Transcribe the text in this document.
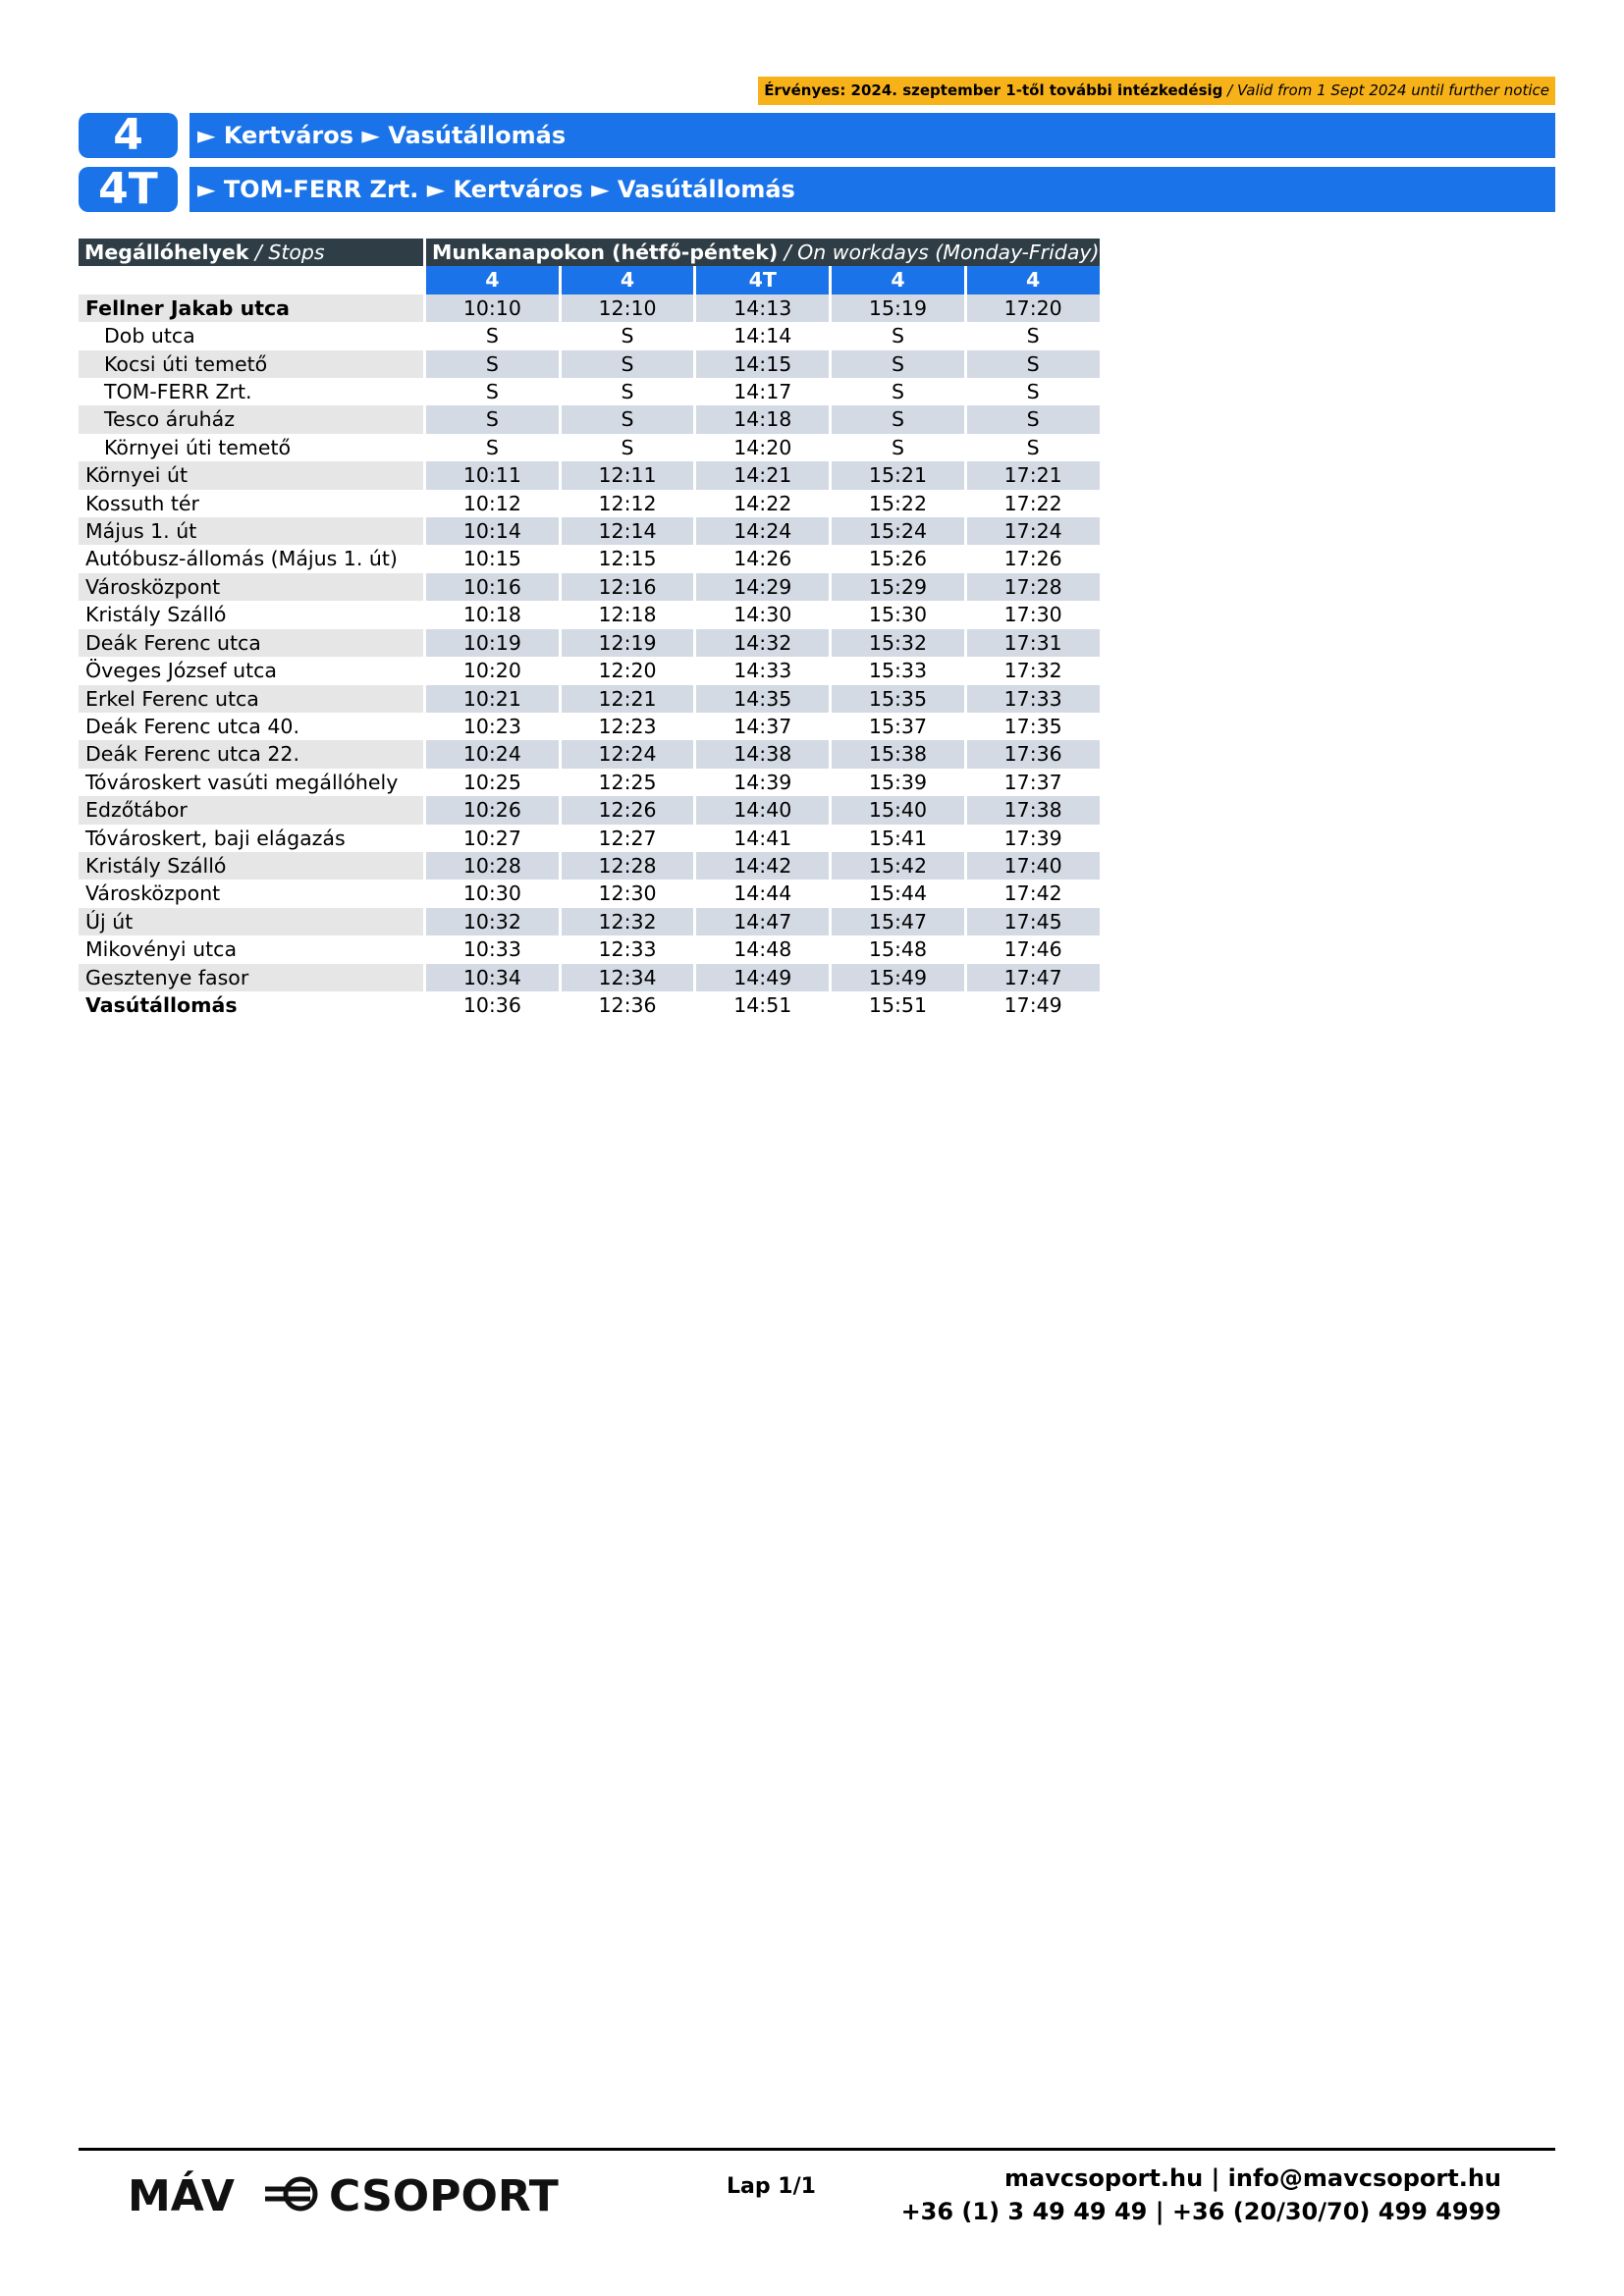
Érvényes: 2024. szeptember 1-től további intézkedésig / Valid from 1 Sept 2024 until further notice
4	► Kertváros ► Vasútállomás
4T	► TOM-FERR Zrt. ► Kertváros ► Vasútállomás
Megállóhelyek / Stops	Munkanapokon (hétfő-péntek) / On workdays (Monday-Friday)				
	4	4	4T	4	4
Fellner Jakab utca	10:10	12:10	14:13	15:19	17:20
Dob utca	S	S	14:14	S	S
Kocsi úti temető	S	S	14:15	S	S
TOM-FERR Zrt.	S	S	14:17	S	S
Tesco áruház	S	S	14:18	S	S
Környei úti temető	S	S	14:20	S	S
Környei út	10:11	12:11	14:21	15:21	17:21
Kossuth tér	10:12	12:12	14:22	15:22	17:22
Május 1. út	10:14	12:14	14:24	15:24	17:24
Autóbusz-állomás (Május 1. út)	10:15	12:15	14:26	15:26	17:26
Városközpont	10:16	12:16	14:29	15:29	17:28
Kristály Szálló	10:18	12:18	14:30	15:30	17:30
Deák Ferenc utca	10:19	12:19	14:32	15:32	17:31
Öveges József utca	10:20	12:20	14:33	15:33	17:32
Erkel Ferenc utca	10:21	12:21	14:35	15:35	17:33
Deák Ferenc utca 40.	10:23	12:23	14:37	15:37	17:35
Deák Ferenc utca 22.	10:24	12:24	14:38	15:38	17:36
Tóvároskert vasúti megállóhely	10:25	12:25	14:39	15:39	17:37
Edzőtábor	10:26	12:26	14:40	15:40	17:38
Tóvároskert, baji elágazás	10:27	12:27	14:41	15:41	17:39
Kristály Szálló	10:28	12:28	14:42	15:42	17:40
Városközpont	10:30	12:30	14:44	15:44	17:42
Új út	10:32	12:32	14:47	15:47	17:45
Mikovényi utca	10:33	12:33	14:48	15:48	17:46
Gesztenye fasor	10:34	12:34	14:49	15:49	17:47
Vasútállomás	10:36	12:36	14:51	15:51	17:49
MÁV CSOPORT	Lap 1/1	mavcsoport.hu | info@mavcsoport.hu
+36 (1) 3 49 49 49 | +36 (20/30/70) 499 4999
